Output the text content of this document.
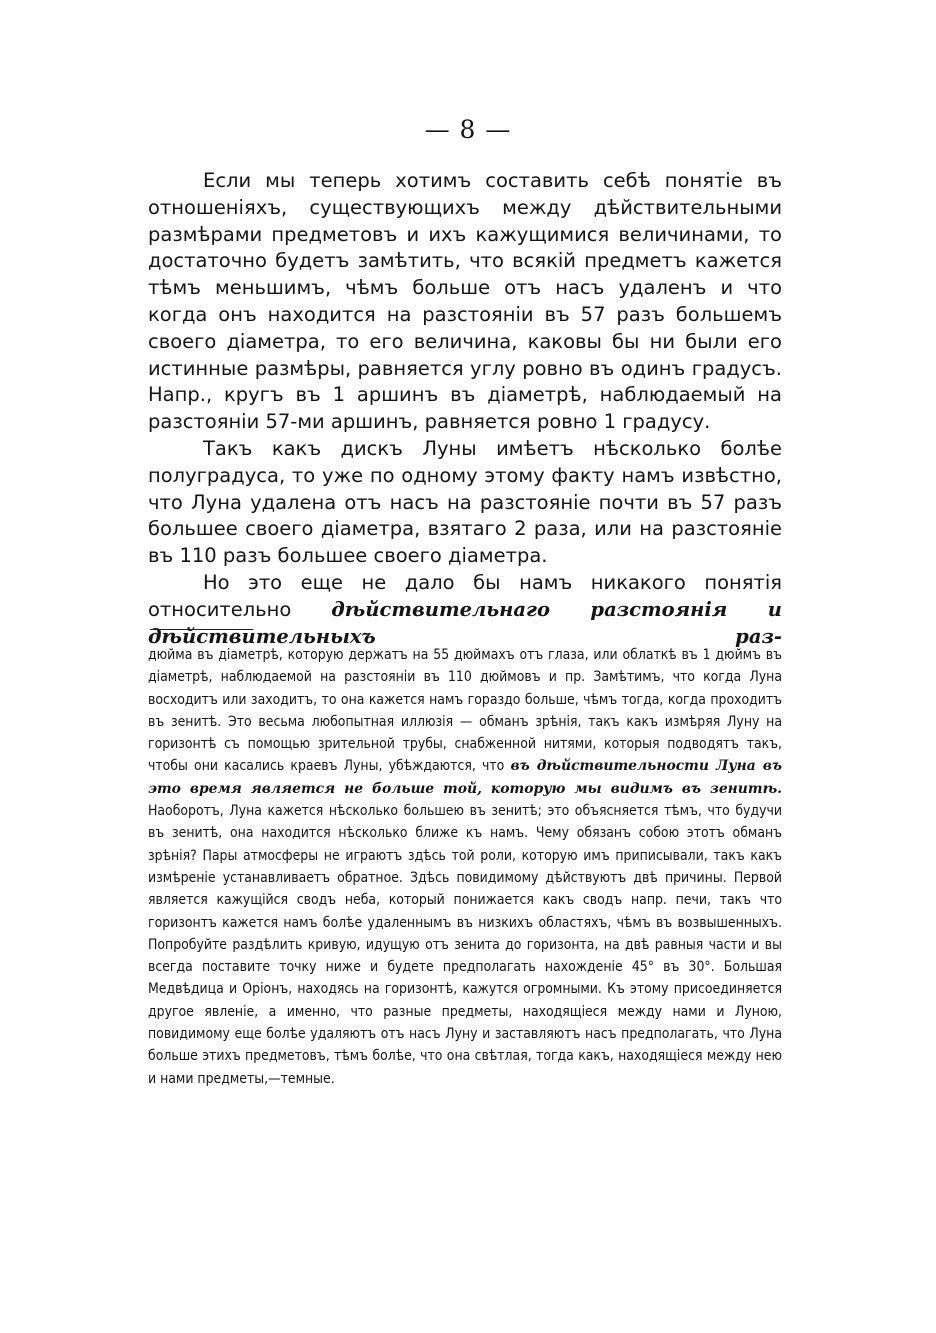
— 8 —

Если мы теперь хотимъ составить себѣ понятіе въ отношеніяхъ, существующихъ между дѣйствительными размѣрами предметовъ и ихъ кажущимися величинами, то достаточно будетъ замѣтить, что всякій предметъ кажется тѣмъ меньшимъ, чѣмъ больше отъ насъ удаленъ и что когда онъ находится на разстояніи въ 57 разъ большемъ своего діаметра, то его величина, каковы бы ни были его истинные размѣры, равняется углу ровно въ одинъ градусъ. Напр., кругъ въ 1 аршинъ въ діаметрѣ, наблюдаемый на разстояніи 57-ми аршинъ, равняется ровно 1 градусу.

Такъ какъ дискъ Луны имѣетъ нѣсколько болѣе полуградуса, то уже по одному этому факту намъ извѣстно, что Луна удалена отъ насъ на разстояніе почти въ 57 разъ большее своего діаметра, взятаго 2 раза, или на разстояніе въ 110 разъ большее своего діаметра.

Но это еще не дало бы намъ никакого понятія относительно дѣйствительнаго разстоянія и дѣйствительныхъ раз-

дюйма въ діаметрѣ, которую держатъ на 55 дюймахъ отъ глаза, или облаткѣ въ 1 дюймъ въ діаметрѣ, наблюдаемой на разстояніи въ 110 дюймовъ и пр. Замѣтимъ, что когда Луна восходитъ или заходитъ, то она кажется намъ гораздо больше, чѣмъ тогда, когда проходитъ въ зенитѣ. Это весьма любопытная иллюзія — обманъ зрѣнія, такъ какъ измѣряя Луну на горизонтѣ съ помощью зрительной трубы, снабженной нитями, которыя подводятъ такъ, чтобы они касались краевъ Луны, убѣждаются, что въ дѣйствительности Луна въ это время является не больше той, которую мы видимъ въ зенитѣ. Наоборотъ, Луна кажется нѣсколько большею въ зенитѣ; это объясняется тѣмъ, что будучи въ зенитѣ, она находится нѣсколько ближе къ намъ. Чему обязанъ собою этотъ обманъ зрѣнія? Пары атмосферы не играютъ здѣсь той роли, которую имъ приписывали, такъ какъ измѣреніе устанавливаетъ обратное. Здѣсь повидимому дѣйствуютъ двѣ причины. Первой является кажущійся сводъ неба, который понижается какъ сводъ напр. печи, такъ что горизонтъ кажется намъ болѣе удаленнымъ въ низкихъ областяхъ, чѣмъ въ возвышенныхъ. Попробуйте раздѣлить кривую, идущую отъ зенита до горизонта, на двѣ равныя части и вы всегда поставите точку ниже и будете предполагать нахожденіе 45° въ 30°. Большая Медвѣдица и Оріонъ, находясь на горизонтѣ, кажутся огромными. Къ этому присоединяется другое явленіе, а именно, что разные предметы, находящіеся между нами и Луною, повидимому еще болѣе удаляютъ отъ насъ Луну и заставляютъ насъ предполагать, что Луна больше этихъ предметовъ, тѣмъ болѣе, что она свѣтлая, тогда какъ, находящіеся между нею и нами предметы,—темные.
